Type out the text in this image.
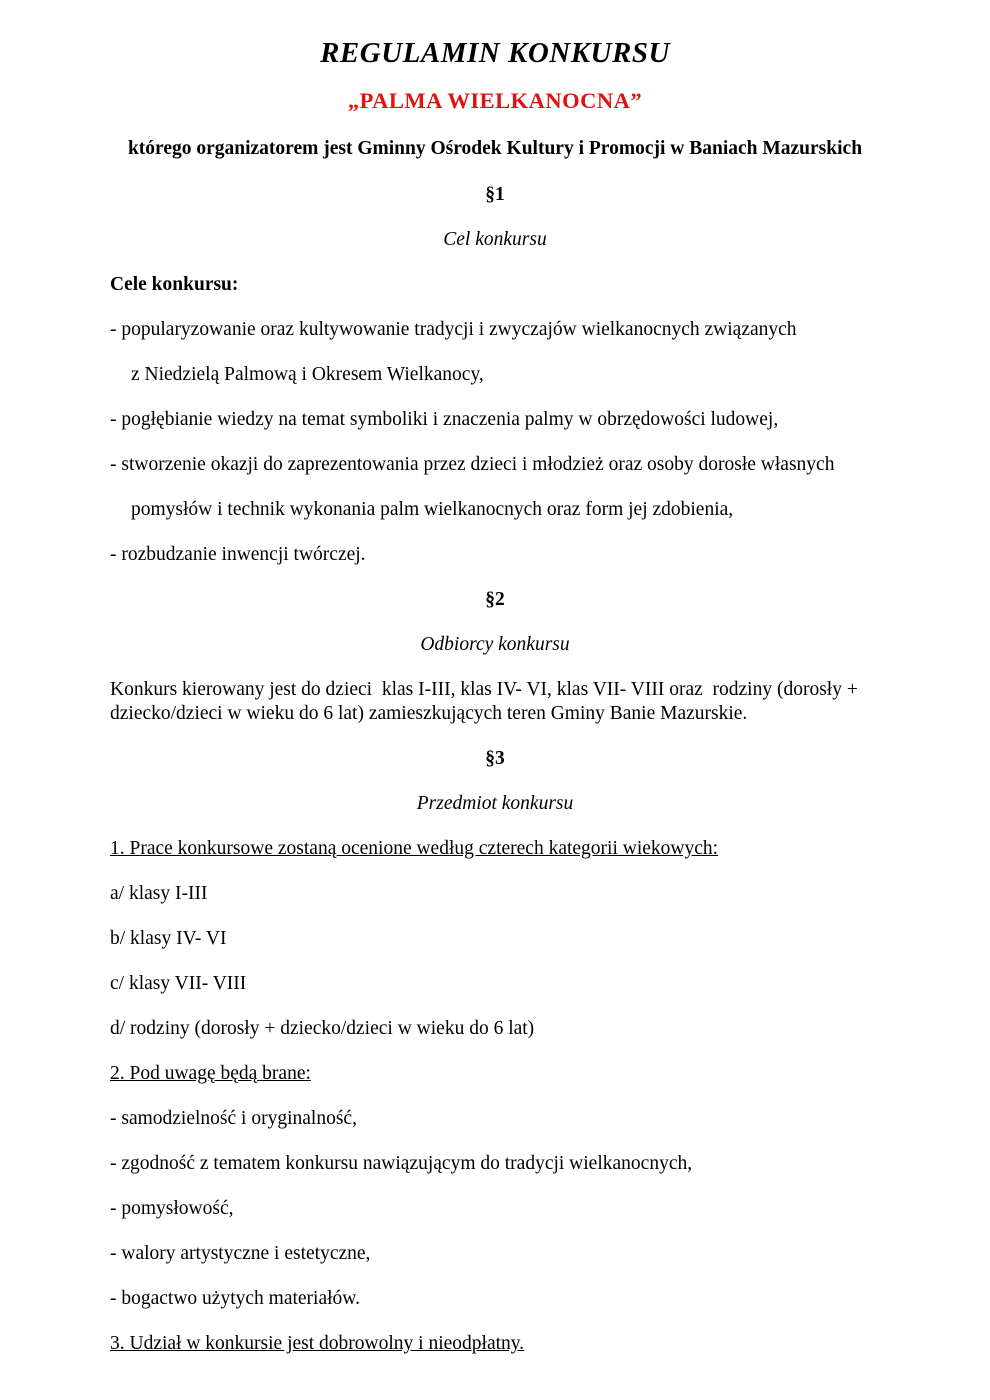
REGULAMIN KONKURSU
„PALMA WIELKANOCNA”

którego organizatorem jest Gminny Ośrodek Kultury i Promocji w Baniach Mazurskich

§1

Cel konkursu

Cele konkursu:

- popularyzowanie oraz kultywowanie tradycji i zwyczajów wielkanocnych związanych

z Niedzielą Palmową i Okresem Wielkanocy,

- pogłębianie wiedzy na temat symboliki i znaczenia palmy w obrzędowości ludowej,

- stworzenie okazji do zaprezentowania przez dzieci i młodzież oraz osoby dorosłe własnych

pomysłów i technik wykonania palm wielkanocnych oraz form jej zdobienia,

- rozbudzanie inwencji twórczej.

§2

Odbiorcy konkursu

Konkurs kierowany jest do dzieci  klas I-III, klas IV- VI, klas VII- VIII oraz  rodziny (dorosły +

dziecko/dzieci w wieku do 6 lat) zamieszkujących teren Gminy Banie Mazurskie.

§3

Przedmiot konkursu

1. Prace konkursowe zostaną ocenione według czterech kategorii wiekowych:

a/ klasy I-III

b/ klasy IV- VI

c/ klasy VII- VIII

d/ rodziny (dorosły + dziecko/dzieci w wieku do 6 lat)

2. Pod uwagę będą brane:

- samodzielność i oryginalność,

- zgodność z tematem konkursu nawiązującym do tradycji wielkanocnych,

- pomysłowość,

- walory artystyczne i estetyczne,

- bogactwo użytych materiałów.

3. Udział w konkursie jest dobrowolny i nieodpłatny.
